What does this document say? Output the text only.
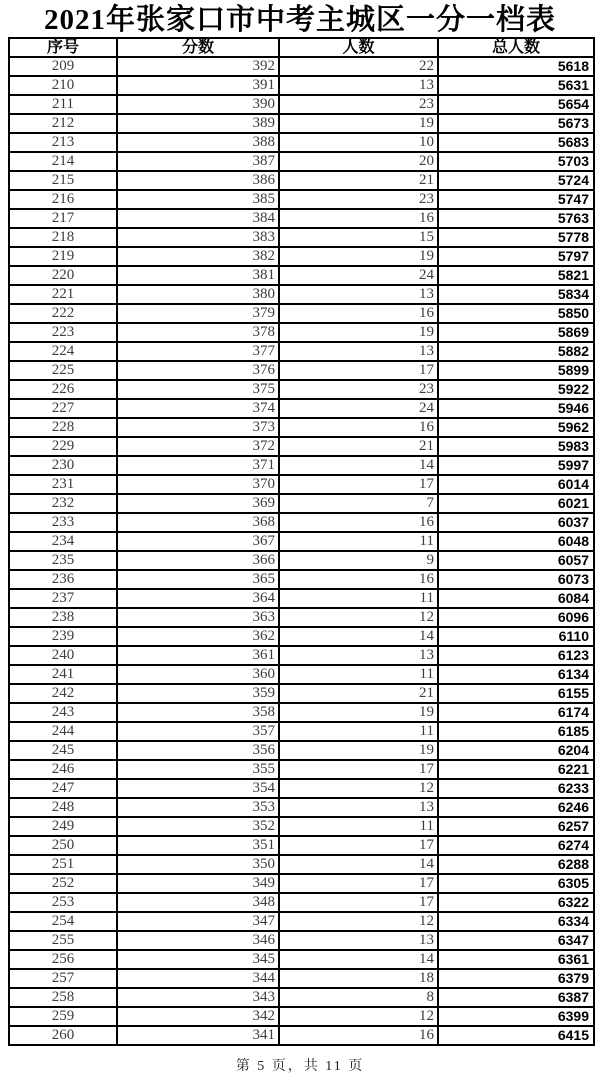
2021年张家口市中考主城区一分一档表
序号	分数	人数	总人数
209	392	22	5618
210	391	13	5631
211	390	23	5654
212	389	19	5673
213	388	10	5683
214	387	20	5703
215	386	21	5724
216	385	23	5747
217	384	16	5763
218	383	15	5778
219	382	19	5797
220	381	24	5821
221	380	13	5834
222	379	16	5850
223	378	19	5869
224	377	13	5882
225	376	17	5899
226	375	23	5922
227	374	24	5946
228	373	16	5962
229	372	21	5983
230	371	14	5997
231	370	17	6014
232	369	7	6021
233	368	16	6037
234	367	11	6048
235	366	9	6057
236	365	16	6073
237	364	11	6084
238	363	12	6096
239	362	14	6110
240	361	13	6123
241	360	11	6134
242	359	21	6155
243	358	19	6174
244	357	11	6185
245	356	19	6204
246	355	17	6221
247	354	12	6233
248	353	13	6246
249	352	11	6257
250	351	17	6274
251	350	14	6288
252	349	17	6305
253	348	17	6322
254	347	12	6334
255	346	13	6347
256	345	14	6361
257	344	18	6379
258	343	8	6387
259	342	12	6399
260	341	16	6415
第 5 页，共 11 页
